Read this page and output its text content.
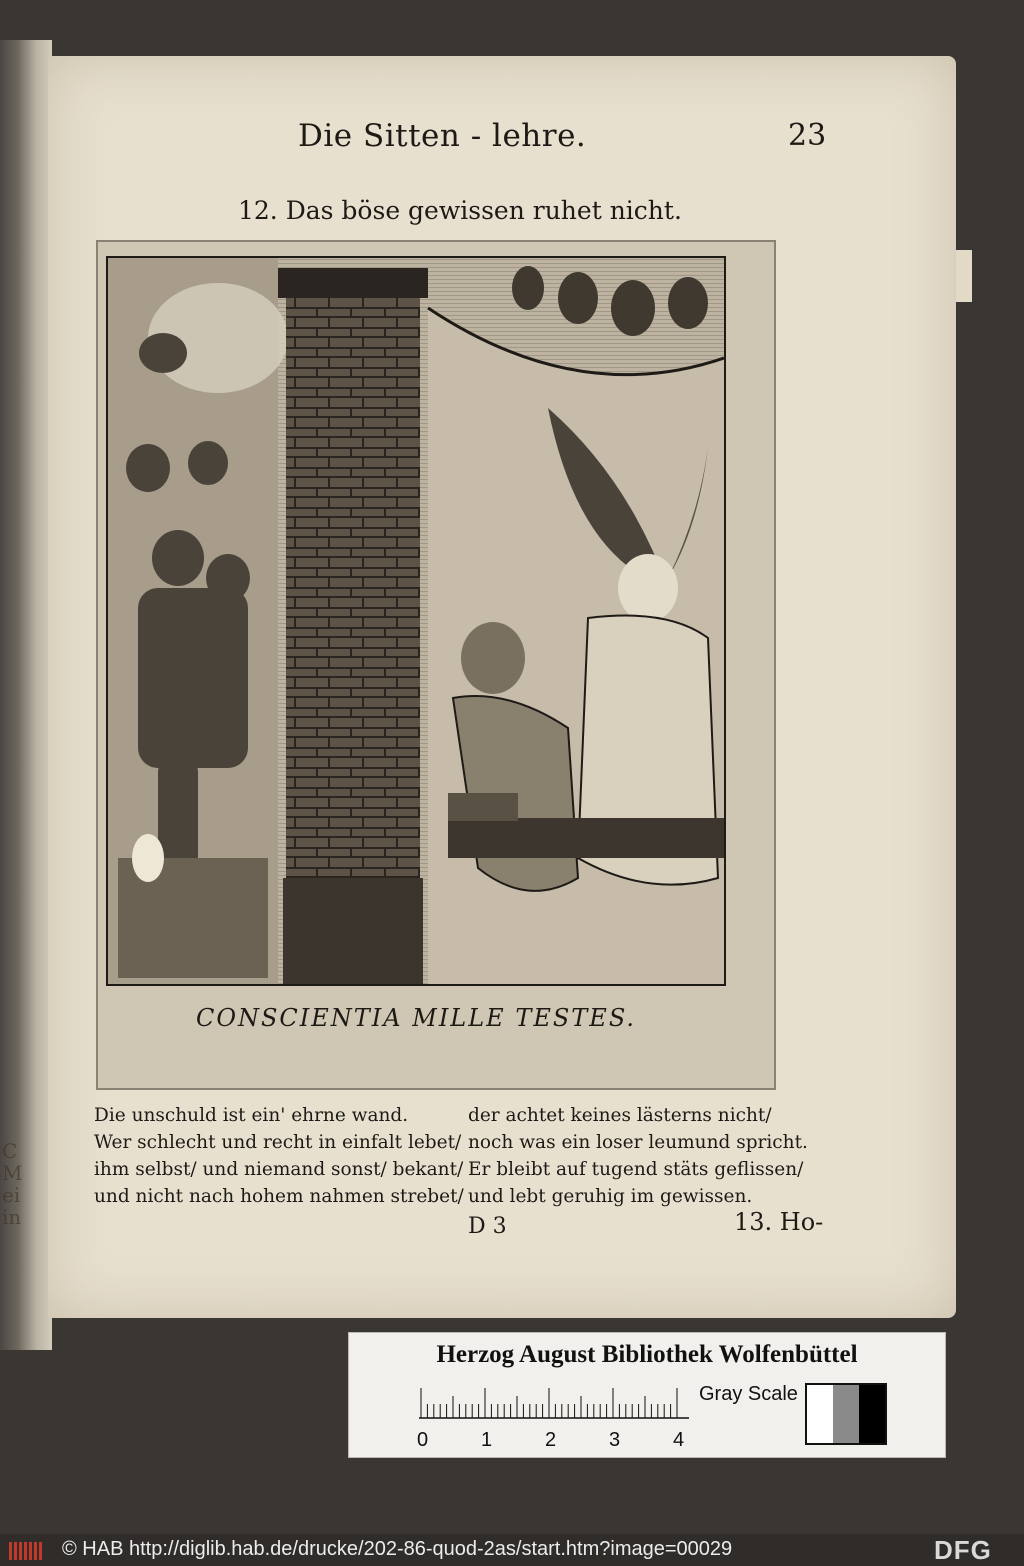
C
M
ei
in
Die Sitten - lehre.	23
12. Das böse gewissen ruhet nicht.
CONSCIENTIA MILLE TESTES.
Die unschuld ist ein' ehrne wand.
Wer schlecht und recht in einfalt lebet/
ihm selbst/ und niemand sonst/ bekant/
und nicht nach hohem nahmen strebet/
der achtet keines lästerns nicht/
noch was ein loser leumund spricht.
Er bleibt auf tugend stäts geflissen/
und lebt geruhig im gewissen.
D 3	13. Ho-
Herzog August Bibliothek Wolfenbüttel
0	1	2	3	4
Gray Scale
© HAB http://diglib.hab.de/drucke/202-86-quod-2as/start.htm?image=00029	DFG
